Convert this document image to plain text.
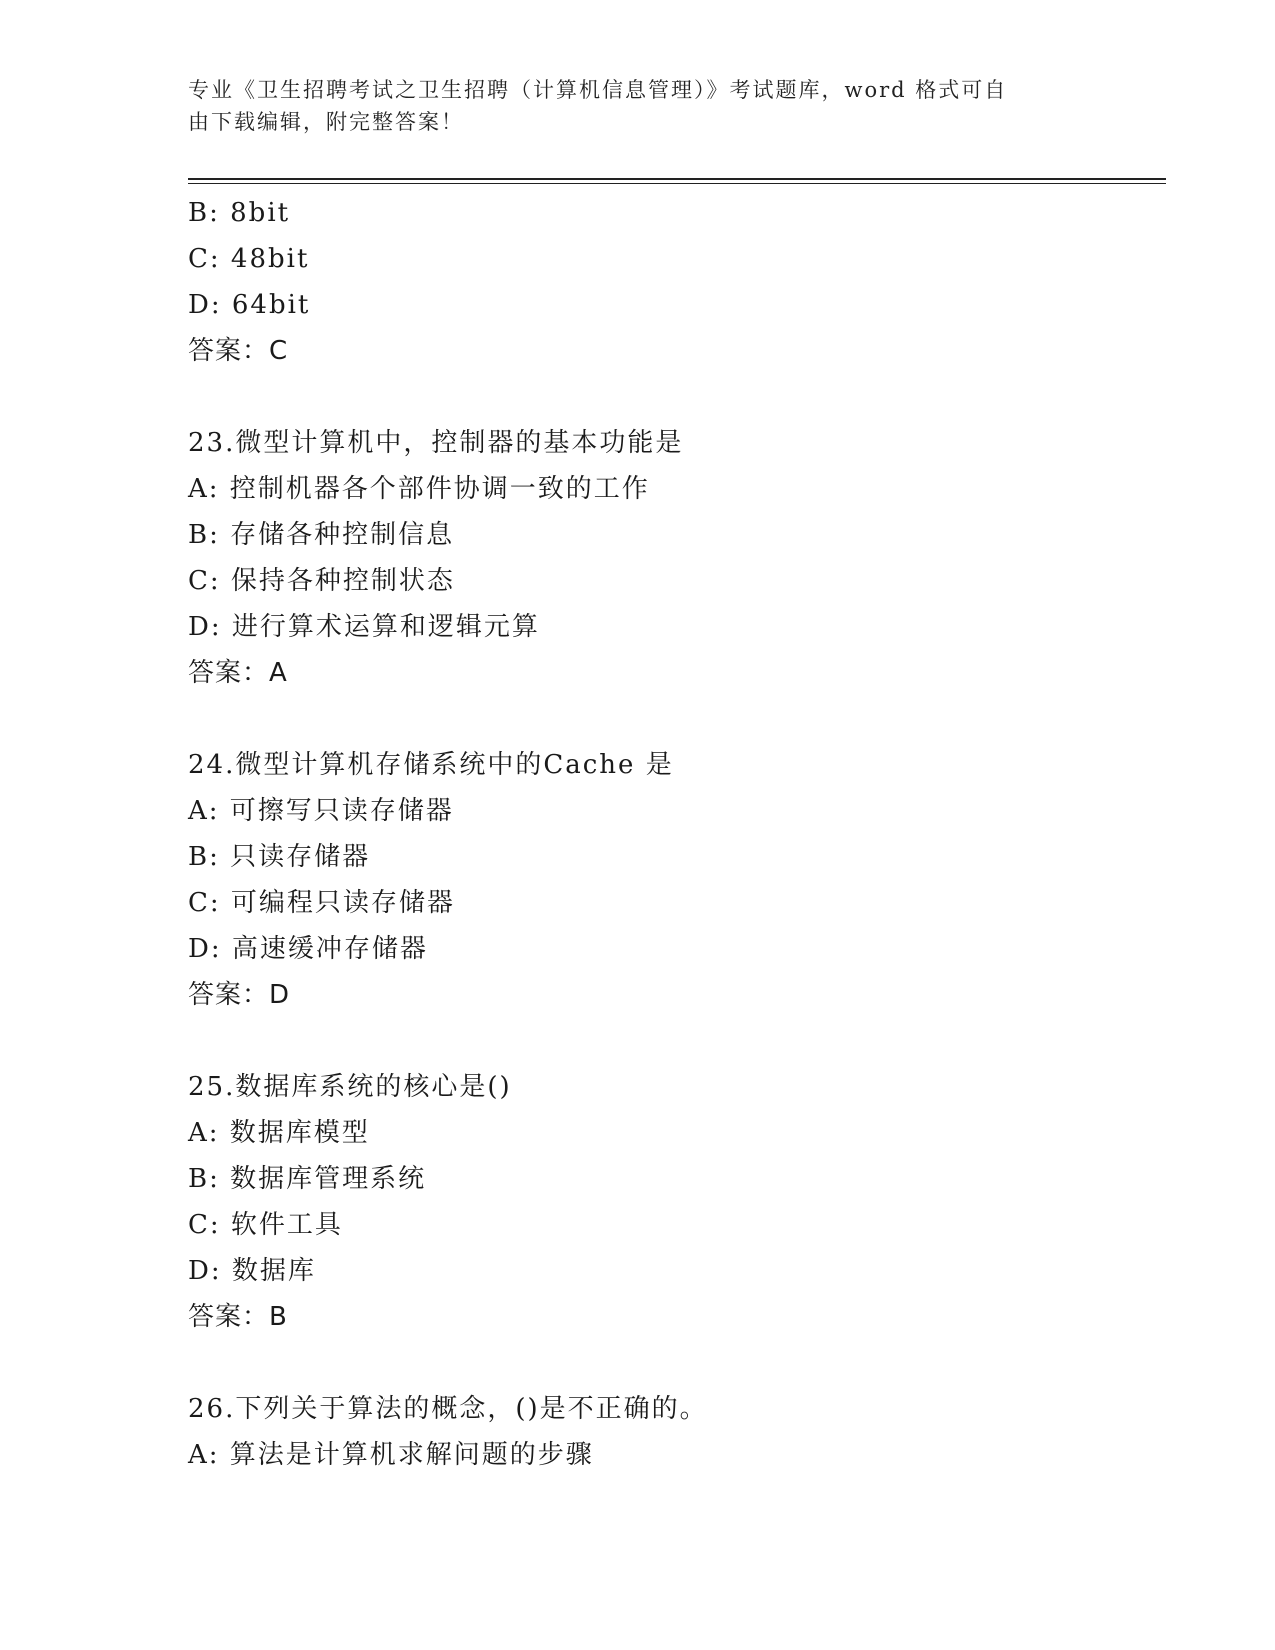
专业《卫生招聘考试之卫生招聘（计算机信息管理）》考试题库，word 格式可自
由下载编辑，附完整答案！
B: 8bit
C: 48bit
D: 64bit
答案：C
23.微型计算机中，控制器的基本功能是
A: 控制机器各个部件协调一致的工作
B: 存储各种控制信息
C: 保持各种控制状态
D: 进行算术运算和逻辑元算
答案：A
24.微型计算机存储系统中的Cache 是
A: 可擦写只读存储器
B: 只读存储器
C: 可编程只读存储器
D: 高速缓冲存储器
答案：D
25.数据库系统的核心是()
A: 数据库模型
B: 数据库管理系统
C: 软件工具
D: 数据库
答案：B
26.下列关于算法的概念，()是不正确的。
A: 算法是计算机求解问题的步骤
